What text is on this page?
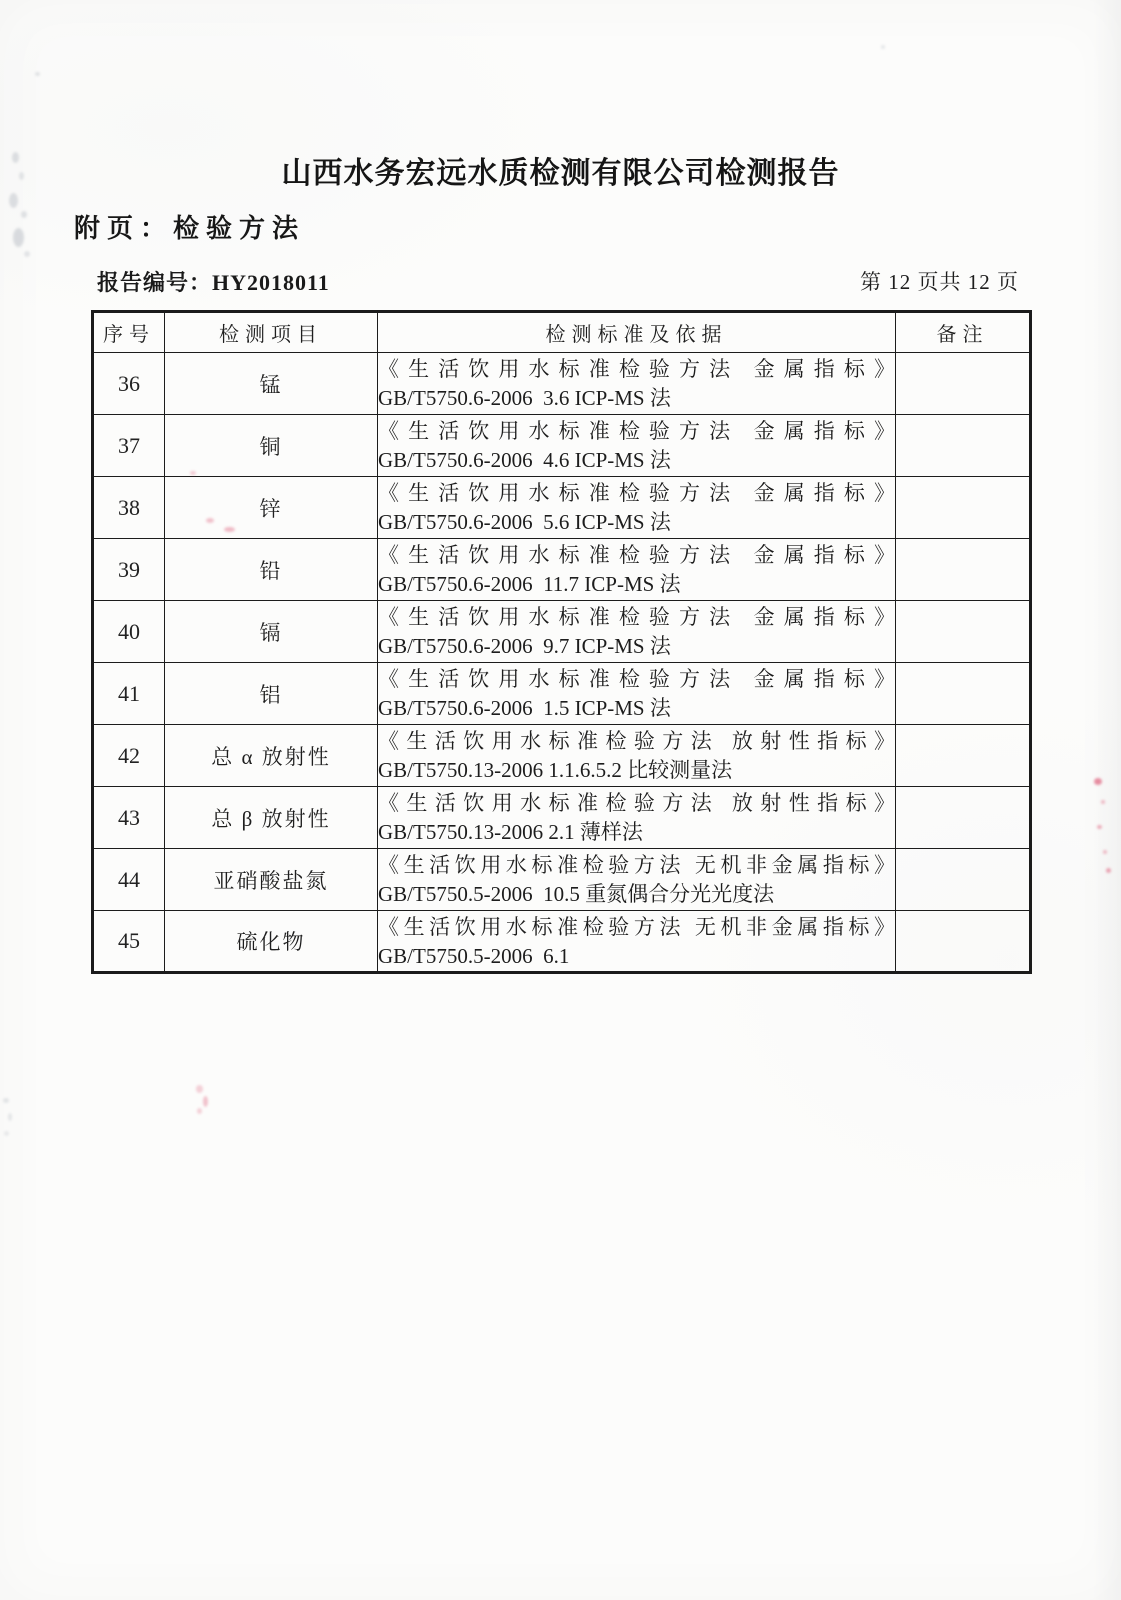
山西水务宏远水质检测有限公司检测报告
附页：检验方法
报告编号：HY2018011	第 12 页共 12 页
序号	检测项目	检测标准及依据	备注
36	锰	《生活饮用水标准检验方法 金属指标》
GB/T5750.6-2006  3.6 ICP-MS 法	

37	铜	《生活饮用水标准检验方法 金属指标》
GB/T5750.6-2006  4.6 ICP-MS 法	

38	锌	《生活饮用水标准检验方法 金属指标》
GB/T5750.6-2006  5.6 ICP-MS 法	

39	铅	《生活饮用水标准检验方法 金属指标》
GB/T5750.6-2006  11.7 ICP-MS 法	

40	镉	《生活饮用水标准检验方法 金属指标》
GB/T5750.6-2006  9.7 ICP-MS 法	

41	铝	《生活饮用水标准检验方法 金属指标》
GB/T5750.6-2006  1.5 ICP-MS 法	

42	总 α 放射性	《生活饮用水标准检验方法 放射性指标》
GB/T5750.13-2006 1.1.6.5.2 比较测量法	

43	总 β 放射性	《生活饮用水标准检验方法 放射性指标》
GB/T5750.13-2006 2.1 薄样法	

44	亚硝酸盐氮	《生活饮用水标准检验方法 无机非金属指标》
GB/T5750.5-2006  10.5 重氮偶合分光光度法	

45	硫化物	《生活饮用水标准检验方法 无机非金属指标》
GB/T5750.5-2006  6.1	
